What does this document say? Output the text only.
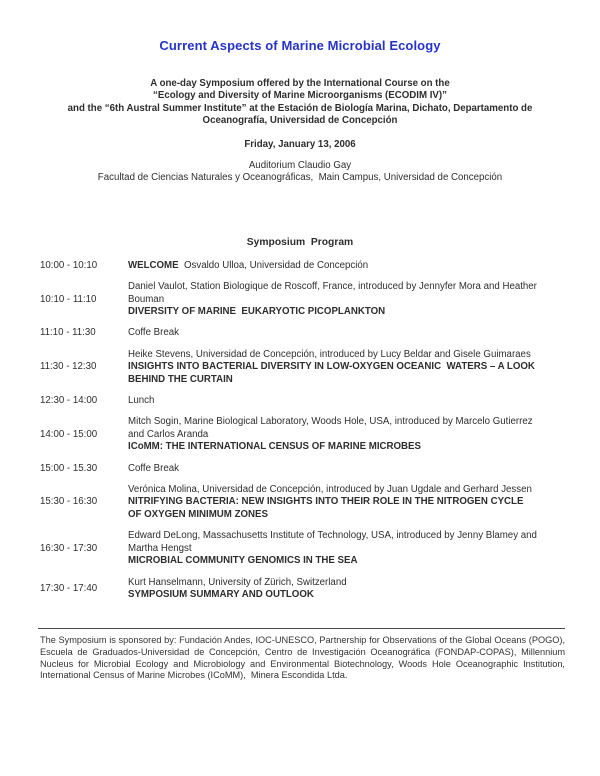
Current Aspects of Marine Microbial Ecology
A one-day Symposium offered by the International Course on the
“Ecology and Diversity of Marine Microorganisms (ECODIM IV)”
and the “6th Austral Summer Institute” at the Estación de Biología Marina, Dichato, Departamento de
Oceanografía, Universidad de Concepción
Friday, January 13, 2006
Auditorium Claudio Gay
Facultad de Ciencias Naturales y Oceanográficas,  Main Campus, Universidad de Concepción
Symposium  Program
10:00 - 10:10	WELCOME  Osvaldo Ulloa, Universidad de Concepción
10:10 - 11:10	Daniel Vaulot, Station Biologique de Roscoff, France, introduced by Jennyfer Mora and Heather Bouman
DIVERSITY OF MARINE  EUKARYOTIC PICOPLANKTON

11:10 - 11:30	Coffe Break
11:30 - 12:30	Heike Stevens, Universidad de Concepción, introduced by Lucy Beldar and Gisele Guimaraes
INSIGHTS INTO BACTERIAL DIVERSITY IN LOW-OXYGEN OCEANIC  WATERS – A LOOK BEHIND THE CURTAIN

12:30 - 14:00	Lunch
14:00 - 15:00	Mitch Sogin, Marine Biological Laboratory, Woods Hole, USA, introduced by Marcelo Gutierrez and Carlos Aranda
ICoMM: THE INTERNATIONAL CENSUS OF MARINE MICROBES

15:00 - 15.30	Coffe Break
15:30 - 16:30	Verónica Molina, Universidad de Concepción, introduced by Juan Ugdale and Gerhard Jessen
NITRIFYING BACTERIA: NEW INSIGHTS INTO THEIR ROLE IN THE NITROGEN CYCLE OF OXYGEN MINIMUM ZONES

16:30 - 17:30	Edward DeLong, Massachusetts Institute of Technology, USA, introduced by Jenny Blamey and Martha Hengst
MICROBIAL COMMUNITY GENOMICS IN THE SEA

17:30 - 17:40	Kurt Hanselmann, University of Zürich, Switzerland
SYMPOSIUM SUMMARY AND OUTLOOK

The Symposium is sponsored by: Fundación Andes, IOC-UNESCO, Partnership for Observations of the Global Oceans (POGO), Escuela de Graduados-Universidad de Concepción, Centro de Investigación Oceanográfica (FONDAP-COPAS), Millennium Nucleus for Microbial Ecology and Microbiology and Environmental Biotechnology, Woods Hole Oceanographic Institution,  International Census of Marine Microbes (ICoMM),  Minera Escondida Ltda.
